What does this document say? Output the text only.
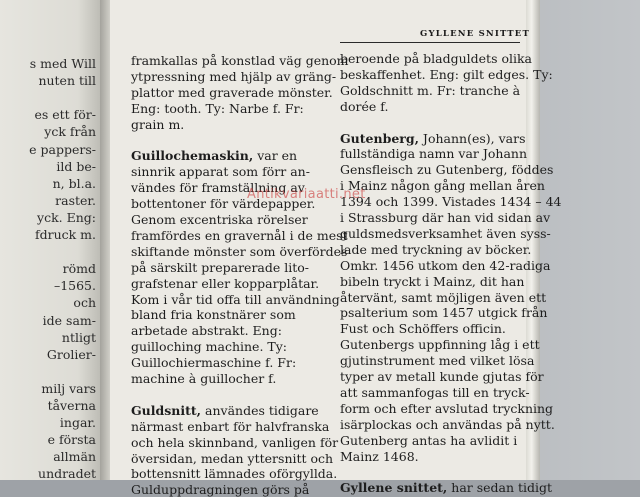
s med Will
nuten till
es ett för-
yck från
e pappers-
ild be-
n, bl.a.
raster.
yck. Eng:
fdruck m.
römd
–1565.
och
ide sam-
ntligt
Grolier-
milj vars
tåverna
ingar.
e första
allmän
undradet
GYLLENE SNITTET
framkallas på konstlad väg genom
ytpressning med hjälp av gräng-
plattor med graverade mönster.
Eng: tooth. Ty: Narbe f. Fr:
grain m.
Guillochemaskin, var en
sinnrik apparat som förr an-
vändes för framställning av
bottentoner för värdepapper.
Genom excentriska rörelser
framfördes en gravernål i de mest
skiftande mönster som överfördes
på särskilt preparerade lito-
grafstenar eller kopparplåtar.
Kom i vår tid offa till användning
bland fria konstnärer som
arbetade abstrakt. Eng:
guilloching machine. Ty:
Guillochiermaschine f. Fr:
machine à guillocher f.
Guldsnitt, användes tidigare
närmast enbart för halvfranska
och hela skinnband, vanligen för
översidan, medan yttersnitt och
bottensnitt lämnades oförgyllda.
Gulduppdragningen görs på
beroende på bladguldets olika
beskaffenhet. Eng: gilt edges. Ty:
Goldschnitt m. Fr: tranche à
dorée f.
Gutenberg, Johann(es), vars
fullständiga namn var Johann
Gensfleisch zu Gutenberg, föddes
i Mainz någon gång mellan åren
1394 och 1399. Vistades 1434 – 44
i Strassburg där han vid sidan av
guldsmedsverksamhet även syss-
lade med tryckning av böcker.
Omkr. 1456 utkom den 42-radiga
bibeln tryckt i Mainz, dit han
återvänt, samt möjligen även ett
psalterium som 1457 utgick från
Fust och Schöffers officin.
Gutenbergs uppfinning låg i ett
gjutinstrument med vilket lösa
typer av metall kunde gjutas för
att sammanfogas till en tryck-
form och efter avslutad tryckning
isärplockas och användas på nytt.
Gutenberg antas ha avlidit i
Mainz 1468.
Gyllene snittet, har sedan tidigt
Antikvariaatti.net
